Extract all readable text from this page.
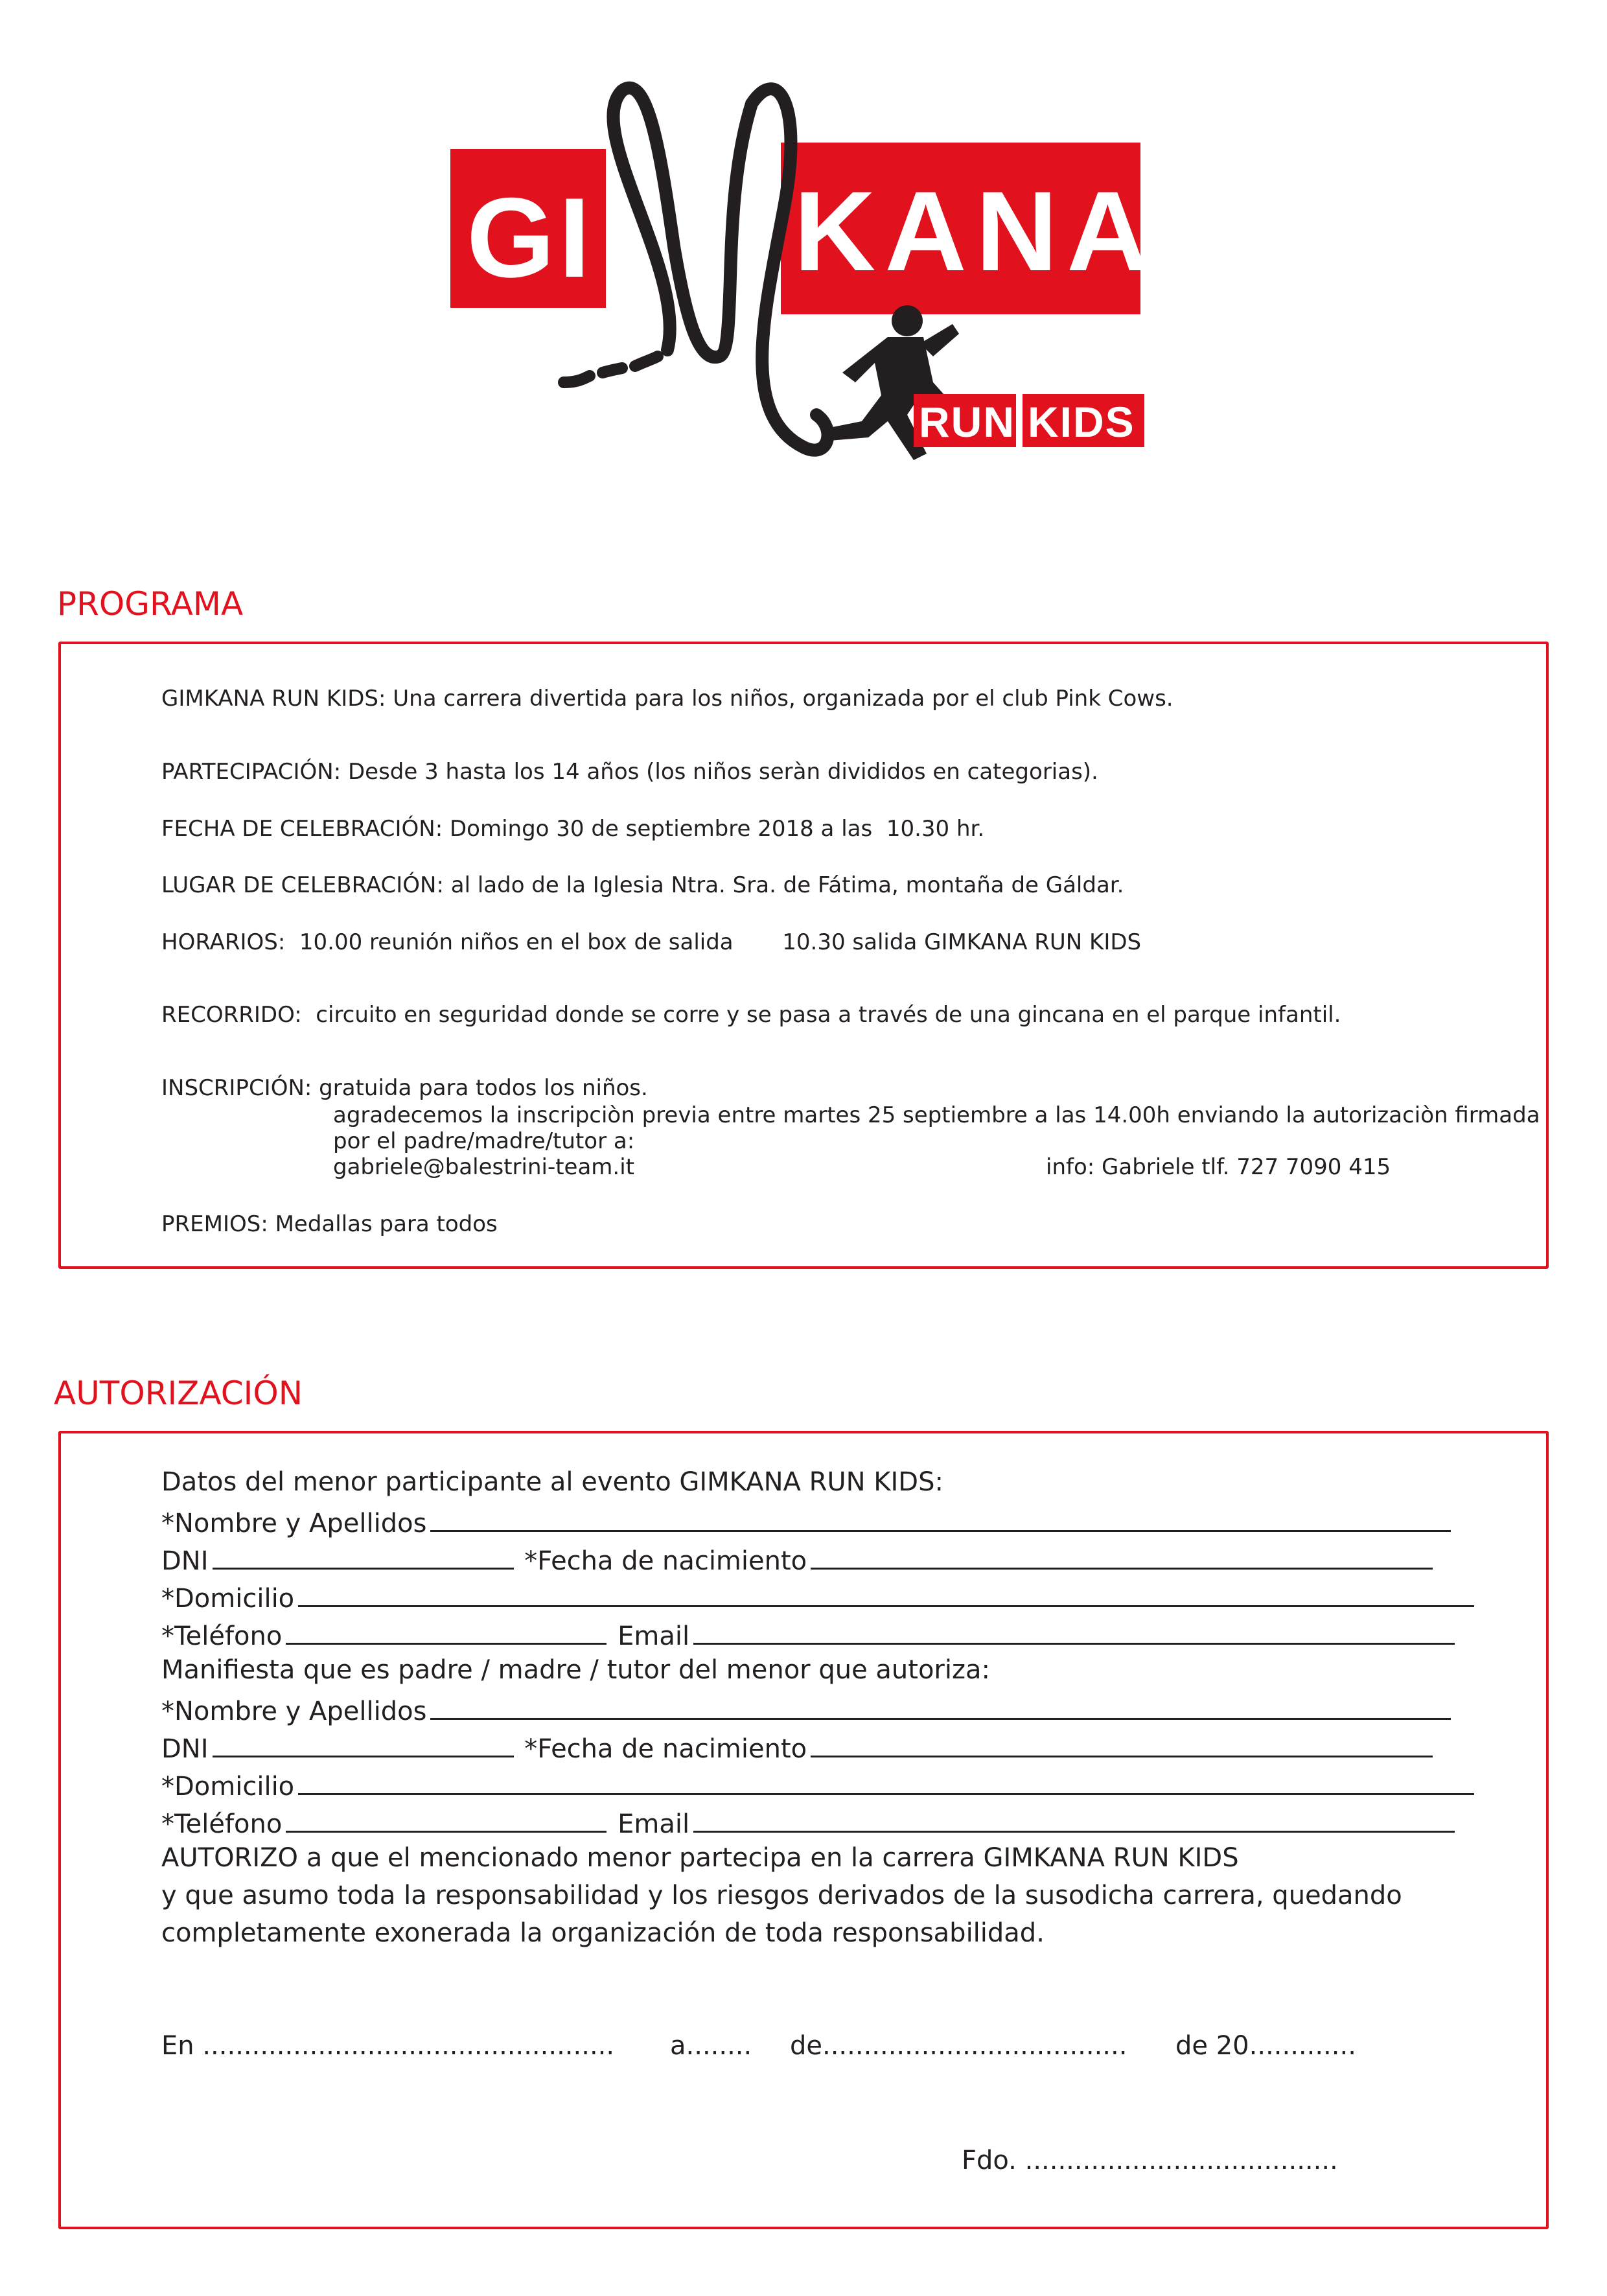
GI KANA
RUN KIDS
PROGRAMA
GIMKANA RUN KIDS: Una carrera divertida para los niños, organizada por el club Pink Cows.
PARTECIPACIÓN: Desde 3 hasta los 14 años (los niños seràn divididos en categorias).
FECHA DE CELEBRACIÓN: Domingo 30 de septiembre 2018 a las  10.30 hr.
LUGAR DE CELEBRACIÓN: al lado de la Iglesia Ntra. Sra. de Fátima, montaña de Gáldar.
HORARIOS:  10.00 reunión niños en el box de salida       10.30 salida GIMKANA RUN KIDS
RECORRIDO:  circuito en seguridad donde se corre y se pasa a través de una gincana en el parque infantil.
INSCRIPCIÓN: gratuida para todos los niños.
agradecemos la inscripciòn previa entre martes 25 septiembre a las 14.00h enviando la autorizaciòn firmada
por el padre/madre/tutor a:
gabriele@balestrini-team.it	info: Gabriele tlf. 727 7090 415
PREMIOS: Medallas para todos
AUTORIZACIÓN
Datos del menor participante al evento GIMKANA RUN KIDS:
*Nombre y Apellidos
DNI	*Fecha de nacimiento
*Domicilio
*Teléfono	Email
Manifiesta que es padre / madre / tutor del menor que autoriza:
*Nombre y Apellidos
DNI	*Fecha de nacimiento
*Domicilio
*Teléfono	Email
AUTORIZO a que el mencionado menor partecipa en la carrera GIMKANA RUN KIDS
y que asumo toda la responsabilidad y los riesgos derivados de la susodicha carrera, quedando
completamente exonerada la organización de toda responsabilidad.
En .................................................. a........ de..................................... de 20.............
Fdo. ......................................
